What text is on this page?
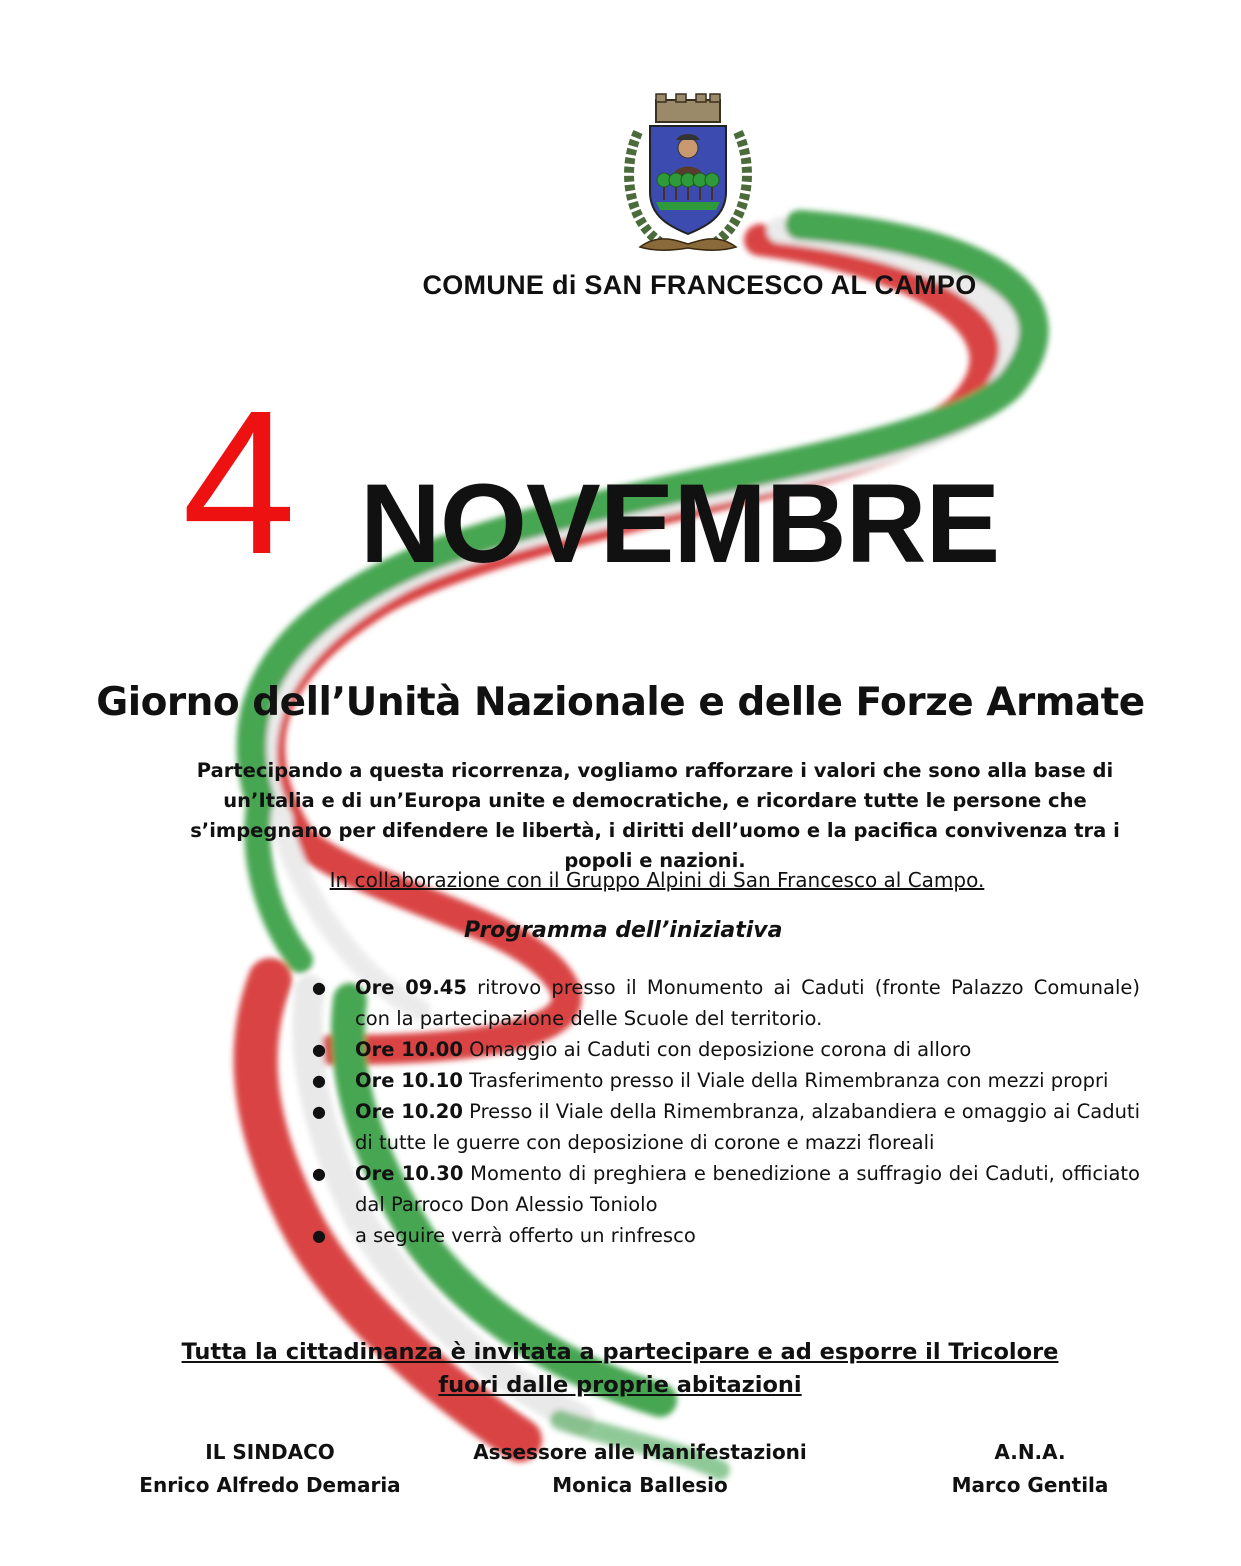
COMUNE di SAN FRANCESCO AL CAMPO
4 NOVEMBRE
Giorno dell’Unità Nazionale e delle Forze Armate
Partecipando a questa ricorrenza, vogliamo rafforzare i valori che sono alla base di un’Italia e di un’Europa unite e democratiche, e ricordare tutte le persone che s’impegnano per difendere le libertà, i diritti dell’uomo e la pacifica convivenza tra i popoli e nazioni.
In collaborazione con il Gruppo Alpini di San Francesco al Campo.
Programma dell’iniziativa
● Ore 09.45 ritrovo presso il Monumento ai Caduti (fronte Palazzo Comunale) con la partecipazione delle Scuole del territorio.
● Ore 10.00 Omaggio ai Caduti con deposizione corona di alloro
● Ore 10.10 Trasferimento presso il Viale della Rimembranza con mezzi propri
● Ore 10.20 Presso il Viale della Rimembranza, alzabandiera e omaggio ai Caduti di tutte le guerre con deposizione di corone e mazzi floreali
● Ore 10.30 Momento di preghiera e benedizione a suffragio dei Caduti, officiato dal Parroco Don Alessio Toniolo
● a seguire verrà offerto un rinfresco
Tutta la cittadinanza è invitata a partecipare e ad esporre il Tricolore fuori dalle proprie abitazioni
IL SINDACO
Enrico Alfredo Demaria
Assessore alle Manifestazioni
Monica Ballesio
A.N.A.
Marco Gentila
